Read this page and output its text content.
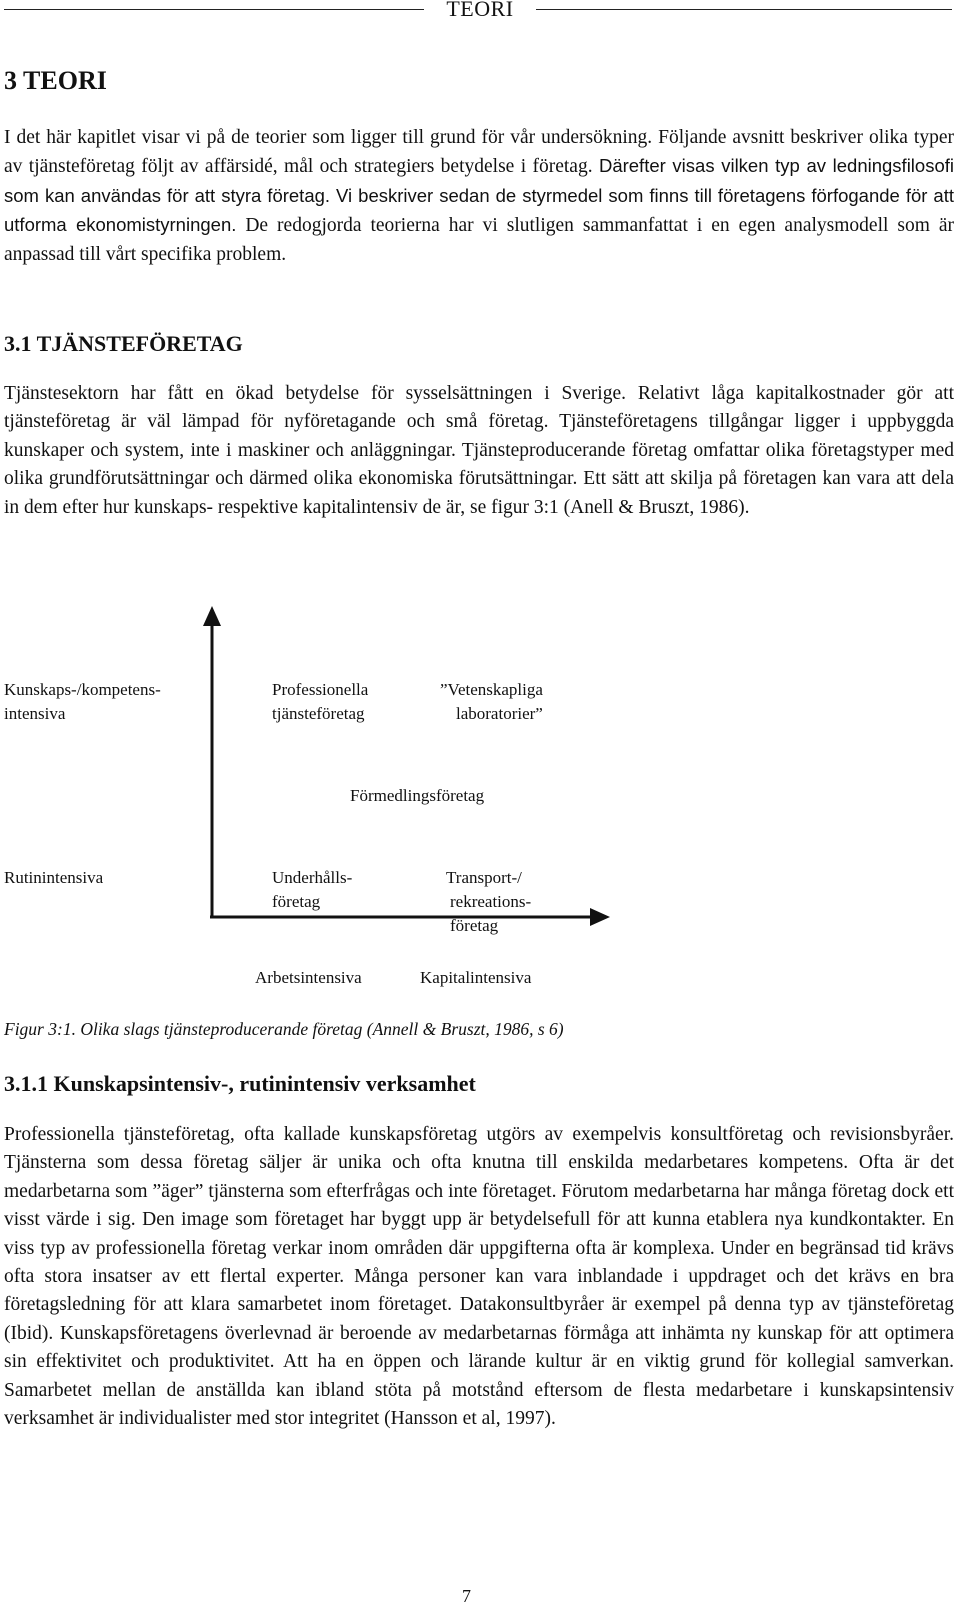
TEORI
3 TEORI

I det här kapitlet visar vi på de teorier som ligger till grund för vår undersökning. Följande avsnitt beskriver olika typer av tjänsteföretag följt av affärsidé, mål och strategiers betydelse i företag. Därefter visas vilken typ av ledningsfilosofi som kan användas för att styra företag. Vi beskriver sedan de styrmedel som finns till företagens förfogande för att utforma ekonomistyrningen. De redogjorda teorierna har vi slutligen sammanfattat i en egen analysmodell som är anpassad till vårt specifika problem.

3.1 TJÄNSTEFÖRETAG

Tjänstesektorn har fått en ökad betydelse för sysselsättningen i Sverige. Relativt låga kapitalkostnader gör att tjänsteföretag är väl lämpad för nyföretagande och små företag. Tjänsteföretagens tillgångar ligger i uppbyggda kunskaper och system, inte i maskiner och anläggningar. Tjänsteproducerande företag omfattar olika företagstyper med olika grundförutsättningar och därmed olika ekonomiska förutsättningar. Ett sätt att skilja på företagen kan vara att dela in dem efter hur kunskaps- respektive kapitalintensiv de är, se figur 3:1 (Anell & Bruszt, 1986).

Kunskaps-/kompetens-
intensiva
Professionella
tjänsteföretag
”Vetenskapliga
laboratorier”
Förmedlingsföretag
Rutinintensiva	Underhålls-
företag
Transport-/
rekreations-
företag
Arbetsintensiva	Kapitalintensiva
Figur 3:1. Olika slags tjänsteproducerande företag (Annell & Bruszt, 1986, s 6)
3.1.1 Kunskapsintensiv-, rutinintensiv verksamhet

Professionella tjänsteföretag, ofta kallade kunskapsföretag utgörs av exempelvis konsultföretag och revisionsbyråer. Tjänsterna som dessa företag säljer är unika och ofta knutna till enskilda medarbetares kompetens. Ofta är det medarbetarna som ”äger” tjänsterna som efterfrågas och inte företaget. Förutom medarbetarna har många företag dock ett visst värde i sig. Den image som företaget har byggt upp är betydelsefull för att kunna etablera nya kundkontakter. En viss typ av professionella företag verkar inom områden där uppgifterna ofta är komplexa. Under en begränsad tid krävs ofta stora insatser av ett flertal experter. Många personer kan vara inblandade i uppdraget och det krävs en bra företagsledning för att klara samarbetet inom företaget. Datakonsultbyråer är exempel på denna typ av tjänsteföretag (Ibid). Kunskapsföretagens överlevnad är beroende av medarbetarnas förmåga att inhämta ny kunskap för att optimera sin effektivitet och produktivitet. Att ha en öppen och lärande kultur är en viktig grund för kollegial samverkan. Samarbetet mellan de anställda kan ibland stöta på motstånd eftersom de flesta medarbetare i kunskapsintensiv verksamhet är individualister med stor integritet (Hansson et al, 1997).

7
